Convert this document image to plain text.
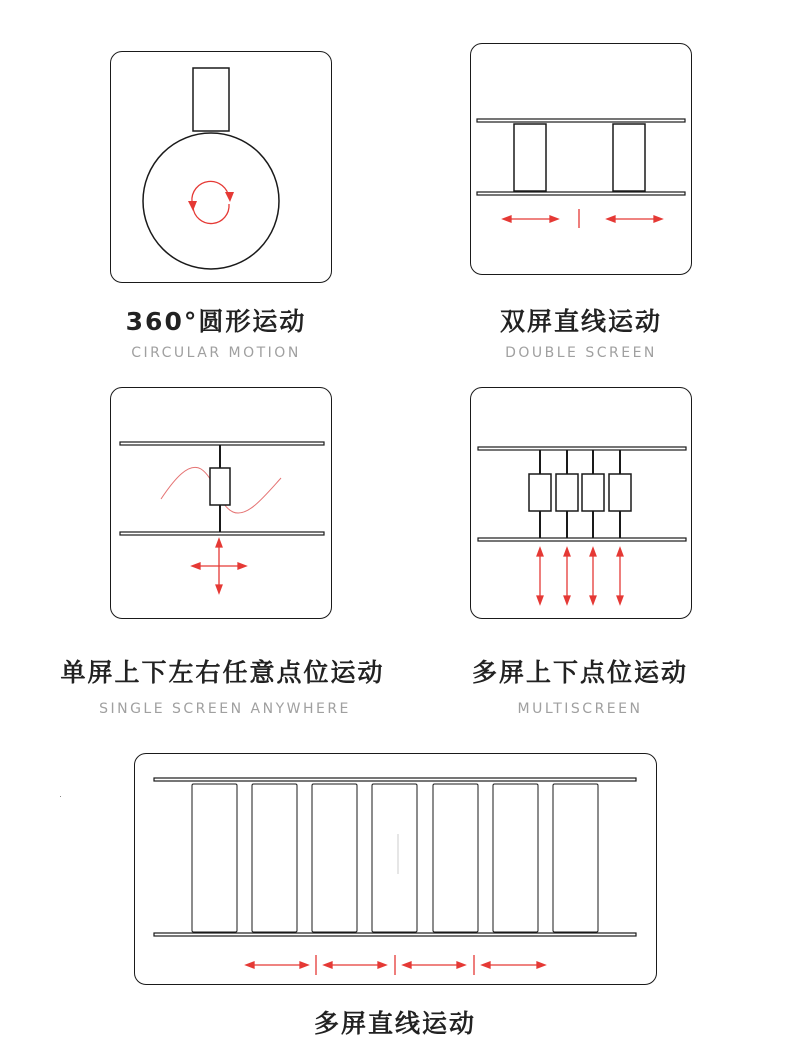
360°圆形运动
CIRCULAR MOTION
双屏直线运动
DOUBLE SCREEN
单屏上下左右任意点位运动
SINGLE SCREEN ANYWHERE
多屏上下点位运动
MULTISCREEN
多屏直线运动
